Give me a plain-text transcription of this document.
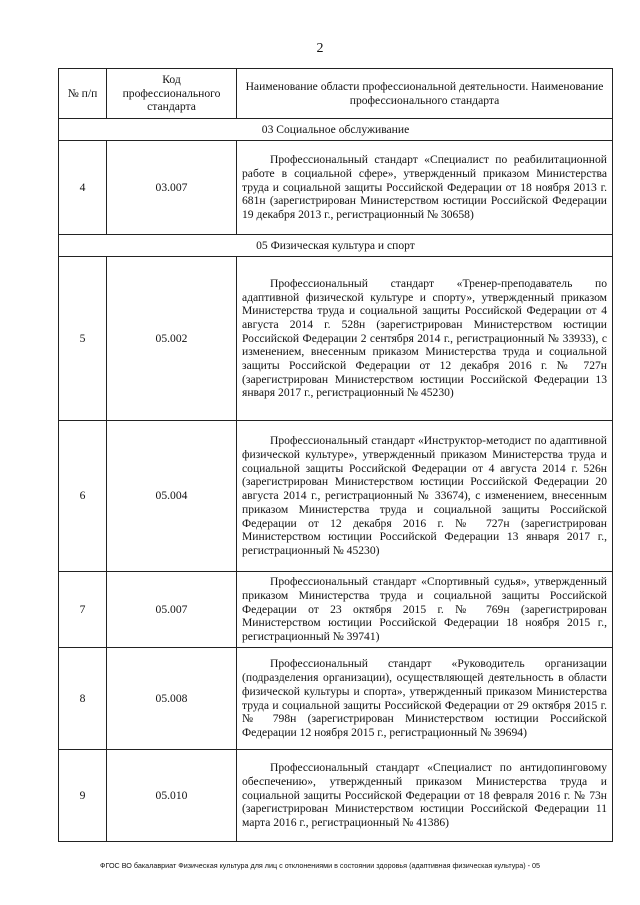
2
№ п/п	Код профессионального стандарта	Наименование области профессиональной деятельности. Наименование профессионального стандарта
03 Социальное обслуживание		
4	03.007	Профессиональный стандарт «Специалист по реабилитационной работе в социальной сфере», утвержденный приказом Министерства труда и социальной защиты Российской Федерации от 18 ноября 2013 г. 681н (зарегистрирован Министерством юстиции Российской Федерации 19 декабря 2013 г., регистрационный № 30658)
05 Физическая культура и спорт		
5	05.002	Профессиональный стандарт «Тренер-преподаватель по адаптивной физической культуре и спорту», утвержденный приказом Министерства труда и социальной защиты Российской Федерации от 4 августа 2014 г. 528н (зарегистрирован Министерством юстиции Российской Федерации 2 сентября 2014 г., регистрационный № 33933), с изменением, внесенным приказом Министерства труда и социальной защиты Российской Федерации от 12 декабря 2016 г. № 727н (зарегистрирован Министерством юстиции Российской Федерации 13 января 2017 г., регистрационный № 45230)
6	05.004	Профессиональный стандарт «Инструктор-методист по адаптивной физической культуре», утвержденный приказом Министерства труда и социальной защиты Российской Федерации от 4 августа 2014 г. 526н (зарегистрирован Министерством юстиции Российской Федерации 20 августа 2014 г., регистрационный № 33674), с изменением, внесенным приказом Министерства труда и социальной защиты Российской Федерации от 12 декабря 2016 г. № 727н (зарегистрирован Министерством юстиции Российской Федерации 13 января 2017 г., регистрационный № 45230)
7	05.007	Профессиональный стандарт «Спортивный судья», утвержденный приказом Министерства труда и социальной защиты Российской Федерации от 23 октября 2015 г. № 769н (зарегистрирован Министерством юстиции Российской Федерации 18 ноября 2015 г., регистрационный № 39741)
8	05.008	Профессиональный стандарт «Руководитель организации (подразделения организации), осуществляющей деятельность в области физической культуры и спорта», утвержденный приказом Министерства труда и социальной защиты Российской Федерации от 29 октября 2015 г. № 798н (зарегистрирован Министерством юстиции Российской Федерации 12 ноября 2015 г., регистрационный № 39694)
9	05.010	Профессиональный стандарт «Специалист по антидопинговому обеспечению», утвержденный приказом Министерства труда и социальной защиты Российской Федерации от 18 февраля 2016 г. № 73н (зарегистрирован Министерством юстиции Российской Федерации 11 марта 2016 г., регистрационный № 41386)
ФГОС ВО бакалавриат Физическая культура для лиц с отклонениями в состоянии здоровья (адаптивная физическая культура) - 05
